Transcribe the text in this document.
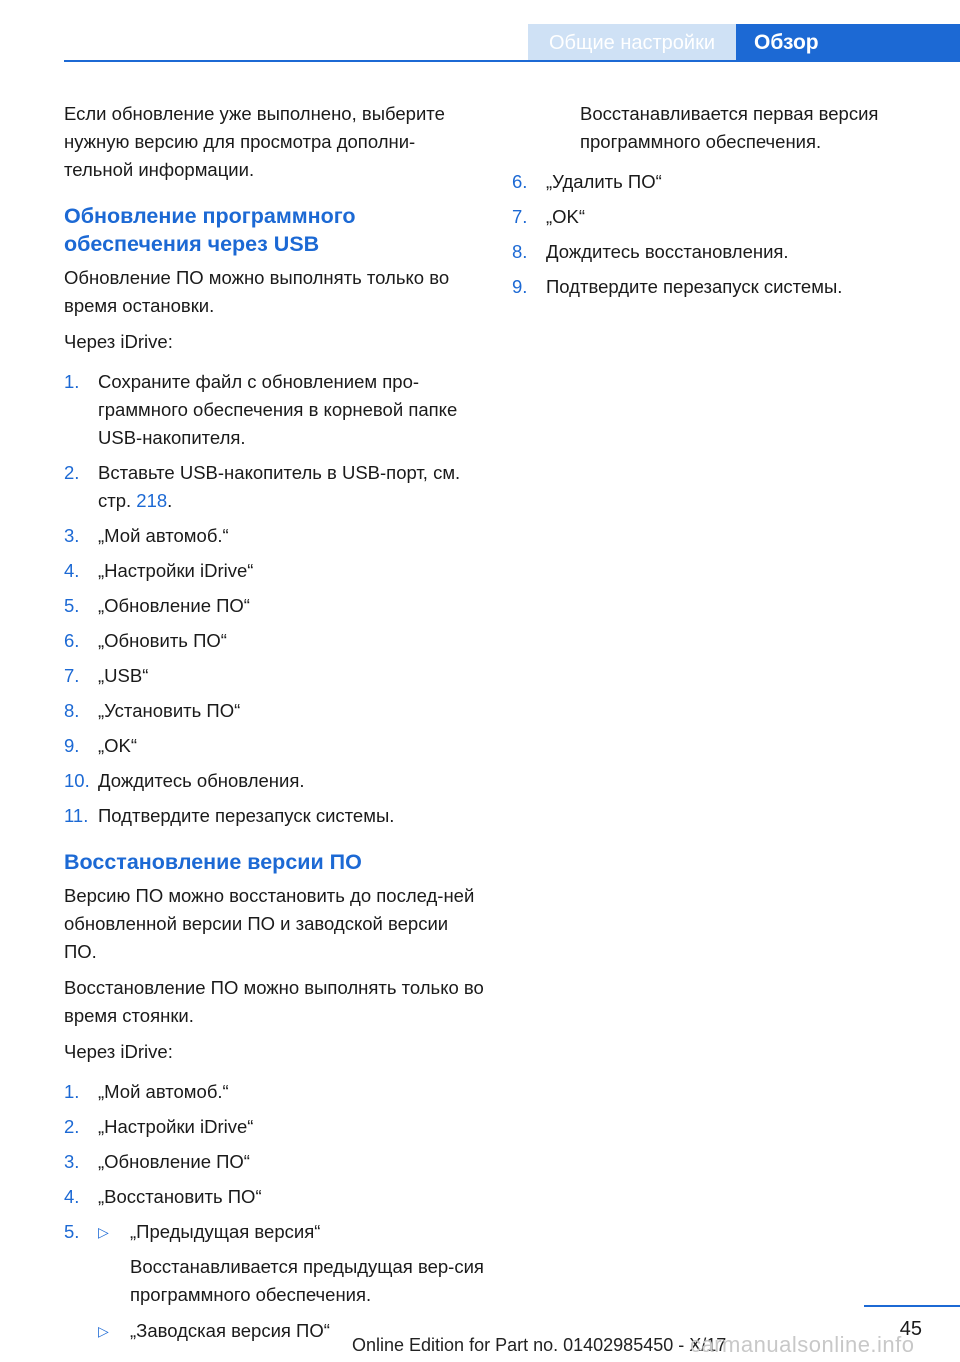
Общие настройки	Обзор

Если обновление уже выполнено, выберите нужную версию для просмотра дополни-тельной информации.

Обновление программного обеспечения через USB

Обновление ПО можно выполнять только во время остановки.

Через iDrive:

1. Сохраните файл с обновлением про-граммного обеспечения в корневой папке USB-накопителя.
2. Вставьте USB-накопитель в USB-порт, см. стр. 218.
3. „Мой автомоб.“
4. „Настройки iDrive“
5. „Обновление ПО“
6. „Обновить ПО“
7. „USB“
8. „Установить ПО“
9. „OK“
10. Дождитесь обновления.
11. Подтвердите перезапуск системы.
Восстановление версии ПО

Версию ПО можно восстановить до послед-ней обновленной версии ПО и заводской версии ПО.

Восстановление ПО можно выполнять только во время стоянки.

Через iDrive:

1. „Мой автомоб.“
2. „Настройки iDrive“
3. „Обновление ПО“
4. „Восстановить ПО“
5. ▷ „Предыдущая версия“
Восстанавливается предыдущая вер-сия программного обеспечения.
▷ „Заводская версия ПО“

Восстанавливается первая версия программного обеспечения.

6. „Удалить ПО“
7. „OK“
8. Дождитесь восстановления.
9. Подтвердите перезапуск системы.
45
Online Edition for Part no. 01402985450 - X/17
carmanualsonline.info
